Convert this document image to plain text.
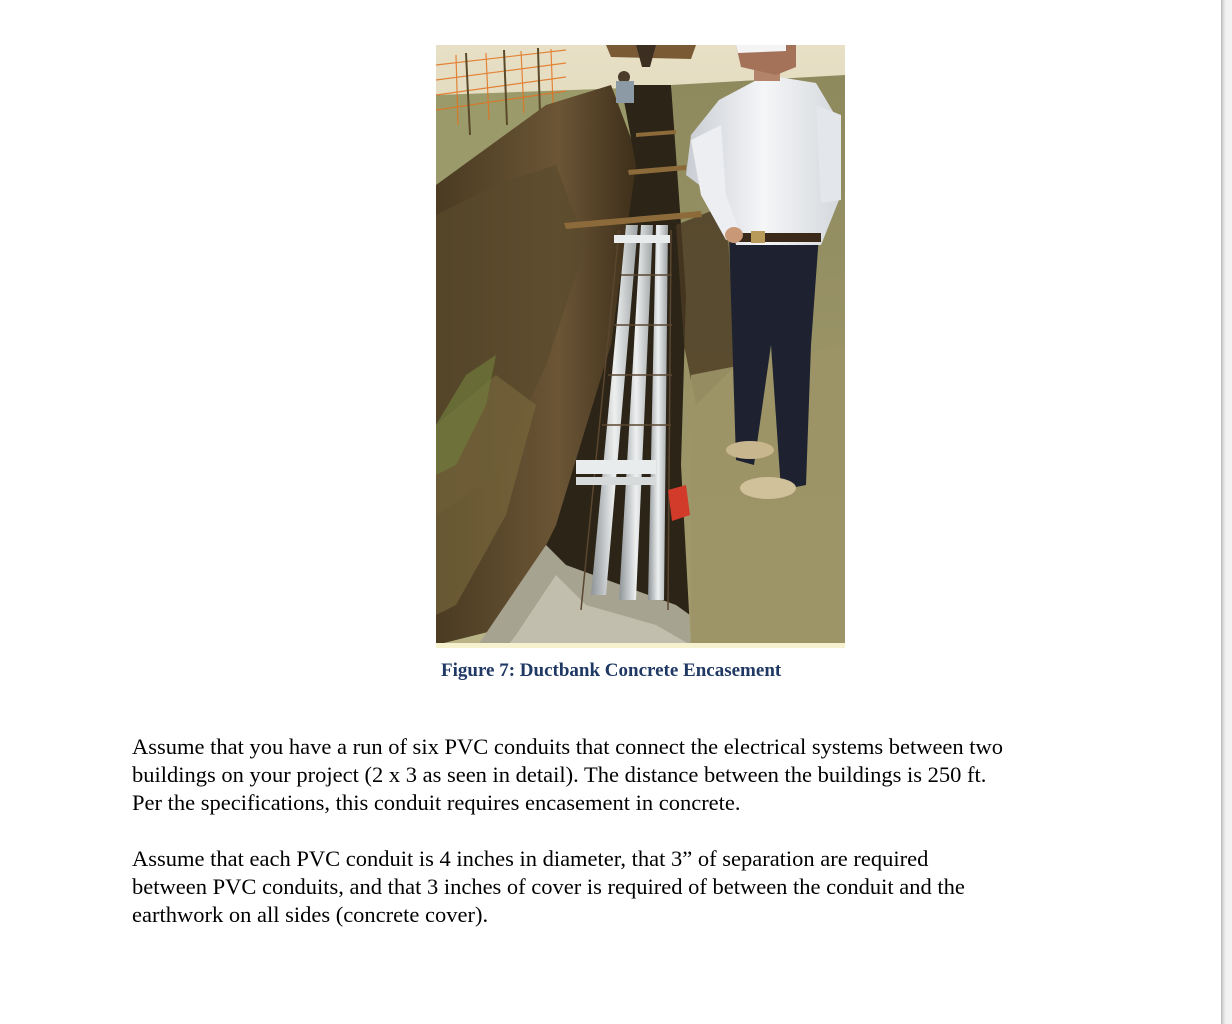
Figure 7: Ductbank Concrete Encasement

Assume that you have a run of six PVC conduits that connect the electrical systems between two
buildings on your project (2 x 3 as seen in detail). The distance between the buildings is 250 ft.
Per the specifications, this conduit requires encasement in concrete.

Assume that each PVC conduit is 4 inches in diameter, that 3” of separation are required
between PVC conduits, and that 3 inches of cover is required of between the conduit and the
earthwork on all sides (concrete cover).
